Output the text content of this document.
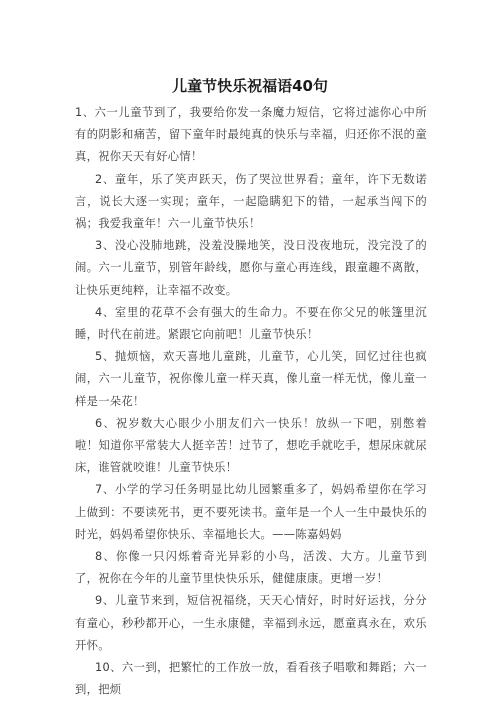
儿童节快乐祝福语40句

1、六一儿童节到了，我要给你发一条魔力短信，它将过滤你心中所有的阴影和痛苦，留下童年时最纯真的快乐与幸福，归还你不泯的童真，祝你天天有好心情！

2、童年，乐了笑声跃天，伤了哭泣世界看；童年，许下无数诺言，说长大逐一实现；童年，一起隐瞒犯下的错，一起承当闯下的祸；我爱我童年！六一儿童节快乐！

3、没心没肺地跳，没羞没臊地笑，没日没夜地玩，没完没了的闹。六一儿童节，别管年龄线，愿你与童心再连线，跟童趣不离散，让快乐更纯粹，让幸福不改变。

4、室里的花草不会有强大的生命力。不要在你父兄的帐篷里沉睡，时代在前进。紧跟它向前吧！儿童节快乐！

5、抛烦恼，欢天喜地儿童跳，儿童节，心儿笑，回忆过往也疯闹，六一儿童节，祝你像儿童一样天真，像儿童一样无忧，像儿童一样是一朵花！

6、祝岁数大心眼少小朋友们六一快乐！放纵一下吧，别憋着啦！知道你平常装大人挺辛苦！过节了，想吃手就吃手，想尿床就尿床，谁管就咬谁！儿童节快乐！

7、小学的学习任务明显比幼儿园繁重多了，妈妈希望你在学习上做到：不要读死书，更不要死读书。童年是一个人一生中最快乐的时光，妈妈希望你快乐、幸福地长大。——陈嘉妈妈

8、你像一只闪烁着奇光异彩的小鸟，活泼、大方。儿童节到了，祝你在今年的儿童节里快快乐乐，健健康康。更增一岁！

9、儿童节来到，短信祝福绕，天天心情好，时时好运找，分分有童心，秒秒都开心，一生永康健，幸福到永远，愿童真永在，欢乐开怀。

10、六一到，把繁忙的工作放一放，看看孩子唱歌和舞蹈；六一到，把烦
